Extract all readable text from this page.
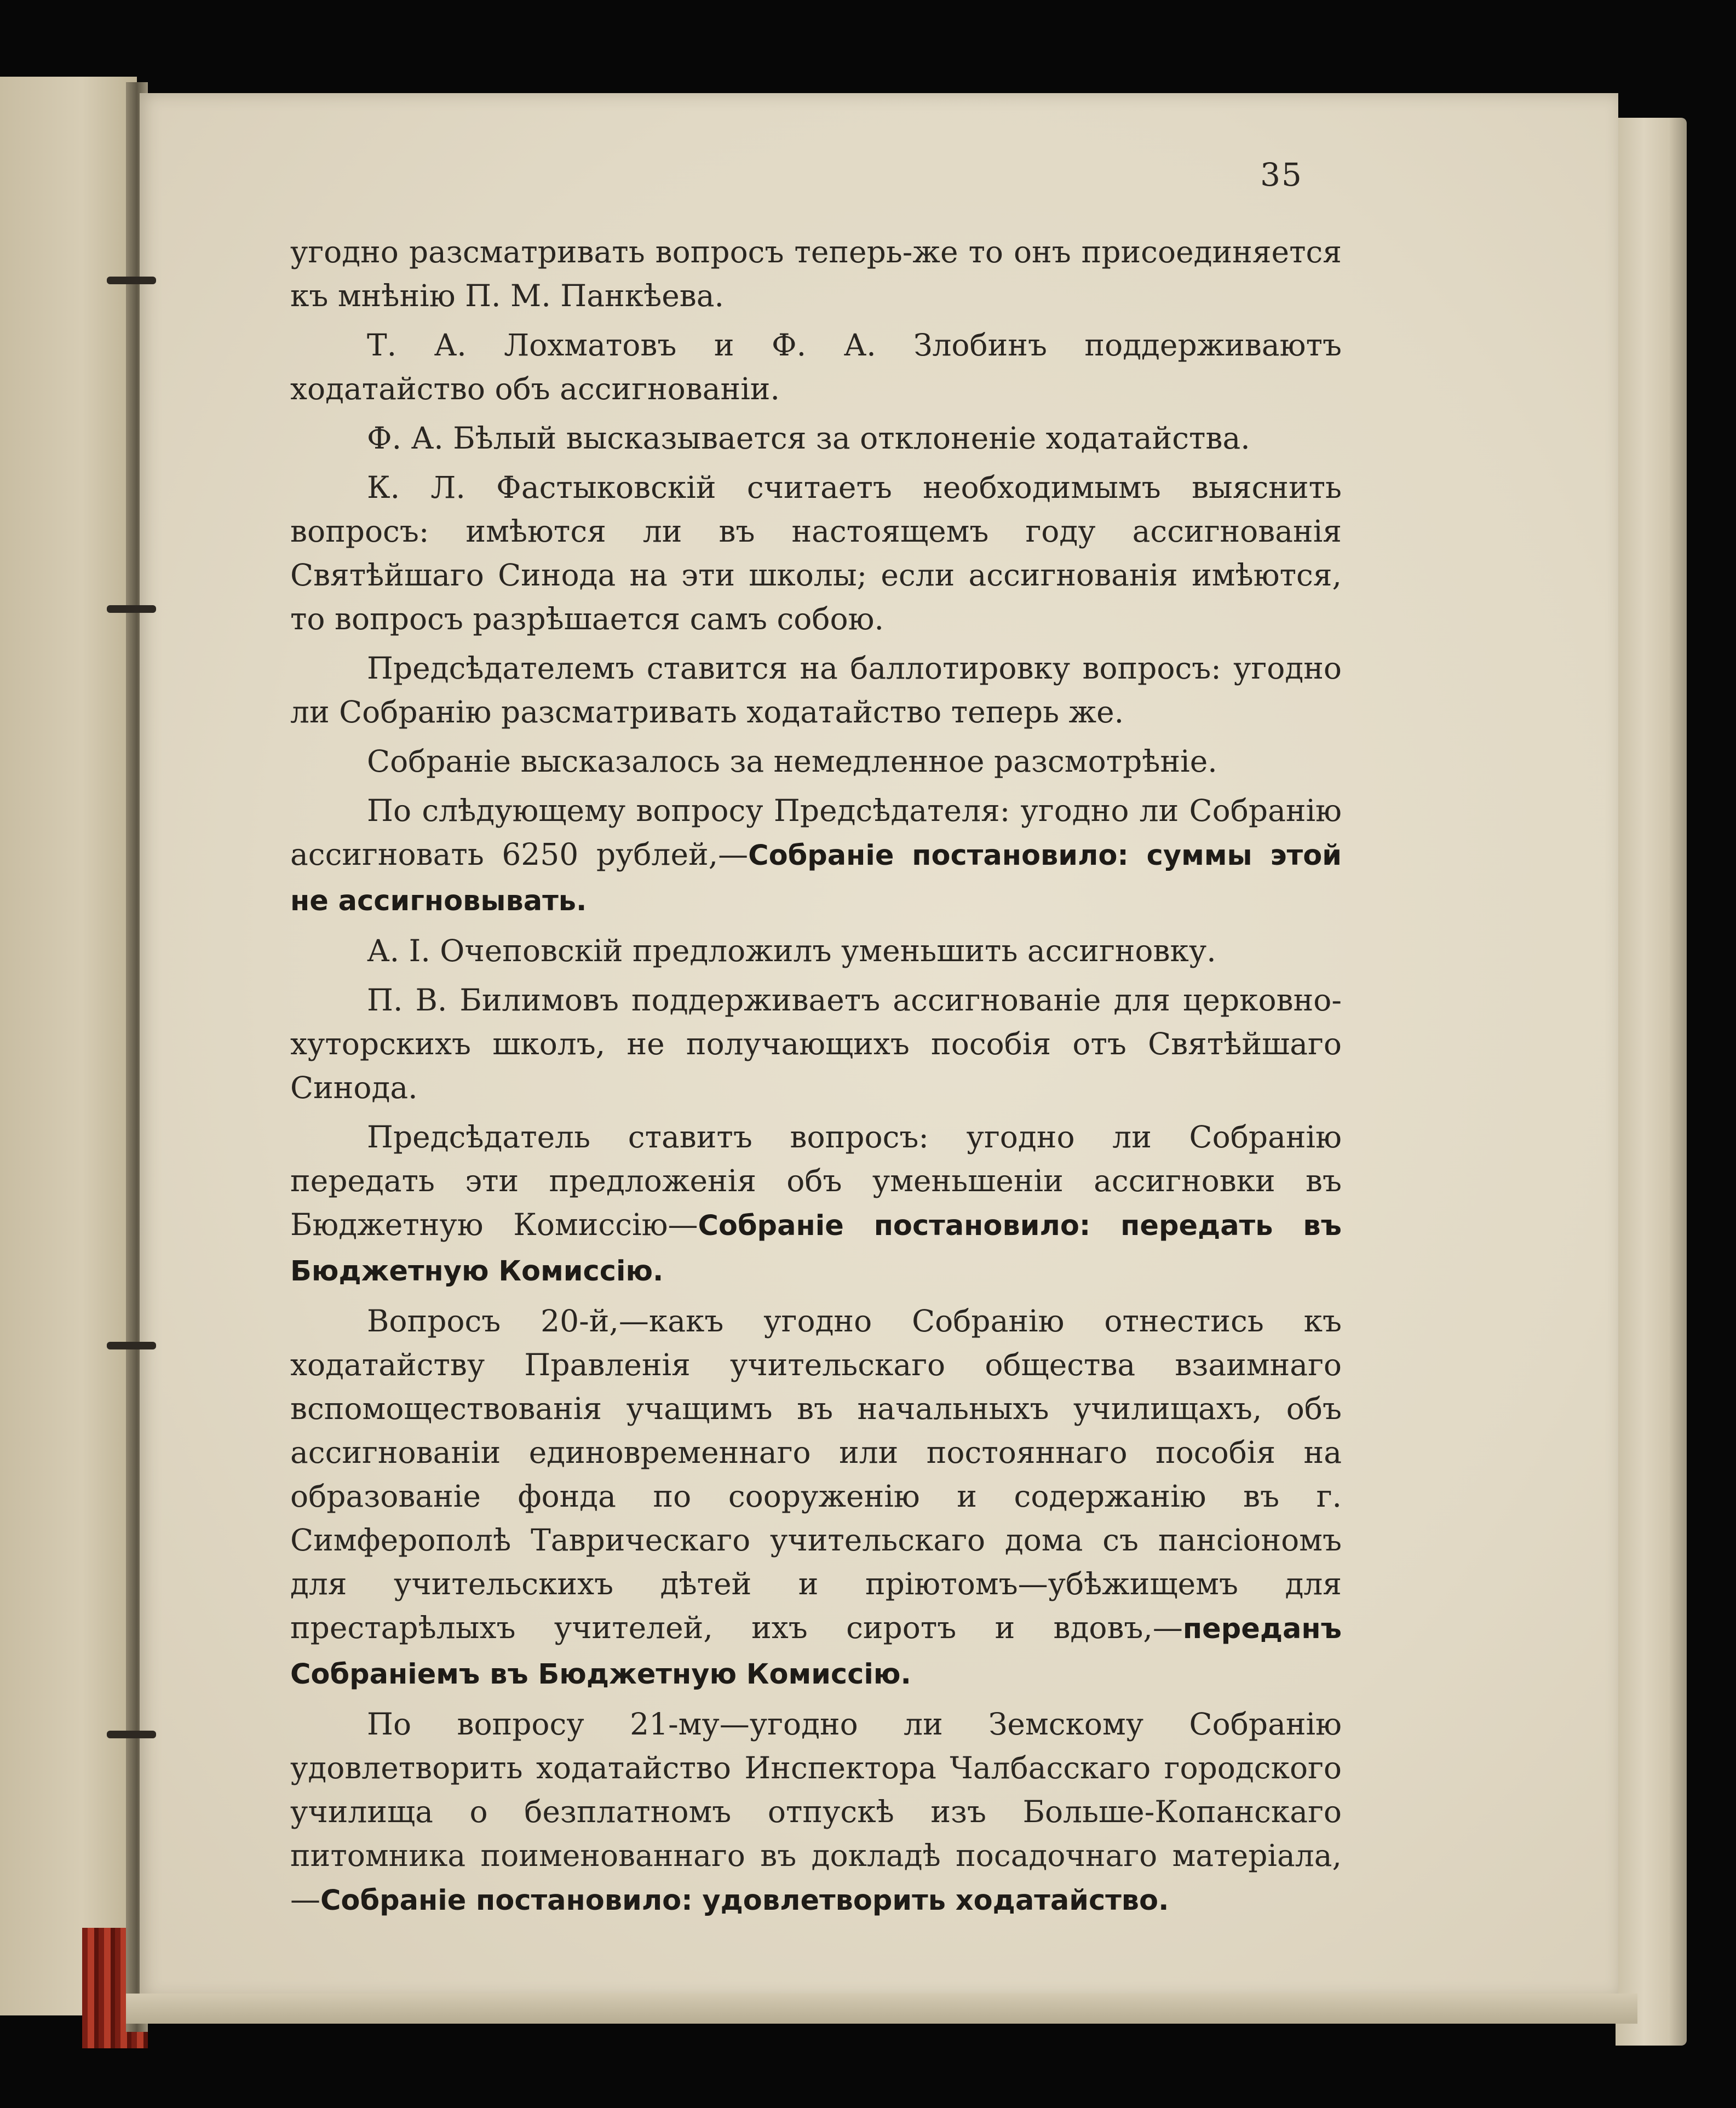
35

угодно разсматривать вопросъ теперь-же то онъ присоединяется къ мнѣнію П. М. Панкѣева.

Т. А. Лохматовъ и Ф. А. Злобинъ поддерживаютъ ходатайство объ ассигнованіи.

Ф. А. Бѣлый высказывается за отклоненіе ходатайства.

К. Л. Фастыковскій считаетъ необходимымъ выяснить вопросъ: имѣются ли въ настоящемъ году ассигнованія Святѣйшаго Синода на эти школы; если ассигнованія имѣются, то вопросъ разрѣшается самъ собою.

Предсѣдателемъ ставится на баллотировку вопросъ: угодно ли Собранію разсматривать ходатайство теперь же.

Собраніе высказалось за немедленное разсмотрѣніе.

По слѣдующему вопросу Предсѣдателя: угодно ли Собранію ассигновать 6250 рублей,—Собраніе постановило: суммы этой не ассигновывать.

А. І. Очеповскій предложилъ уменьшить ассигновку.

П. В. Билимовъ поддерживаетъ ассигнованіе для церковно-хуторскихъ школъ, не получающихъ пособія отъ Святѣйшаго Синода.

Предсѣдатель ставитъ вопросъ: угодно ли Собранію передать эти предложенія объ уменьшеніи ассигновки въ Бюджетную Комиссію—Собраніе постановило: передать въ Бюджетную Комиссію.

Вопросъ 20-й,—какъ угодно Собранію отнестись къ ходатайству Правленія учительскаго общества взаимнаго вспомоществованія учащимъ въ начальныхъ училищахъ, объ ассигнованіи единовременнаго или постояннаго пособія на образованіе фонда по сооруженію и содержанію въ г. Симферополѣ Таврическаго учительскаго дома съ пансіономъ для учительскихъ дѣтей и пріютомъ—убѣжищемъ для престарѣлыхъ учителей, ихъ сиротъ и вдовъ,—переданъ Собраніемъ въ Бюджетную Комиссію.

По вопросу 21-му—угодно ли Земскому Собранію удовлетворить ходатайство Инспектора Чалбасскаго городского училища о безплатномъ отпускѣ изъ Больше-Копанскаго питомника поименованнаго въ докладѣ посадочнаго матеріала,—Собраніе постановило: удовлетворить ходатайство.
